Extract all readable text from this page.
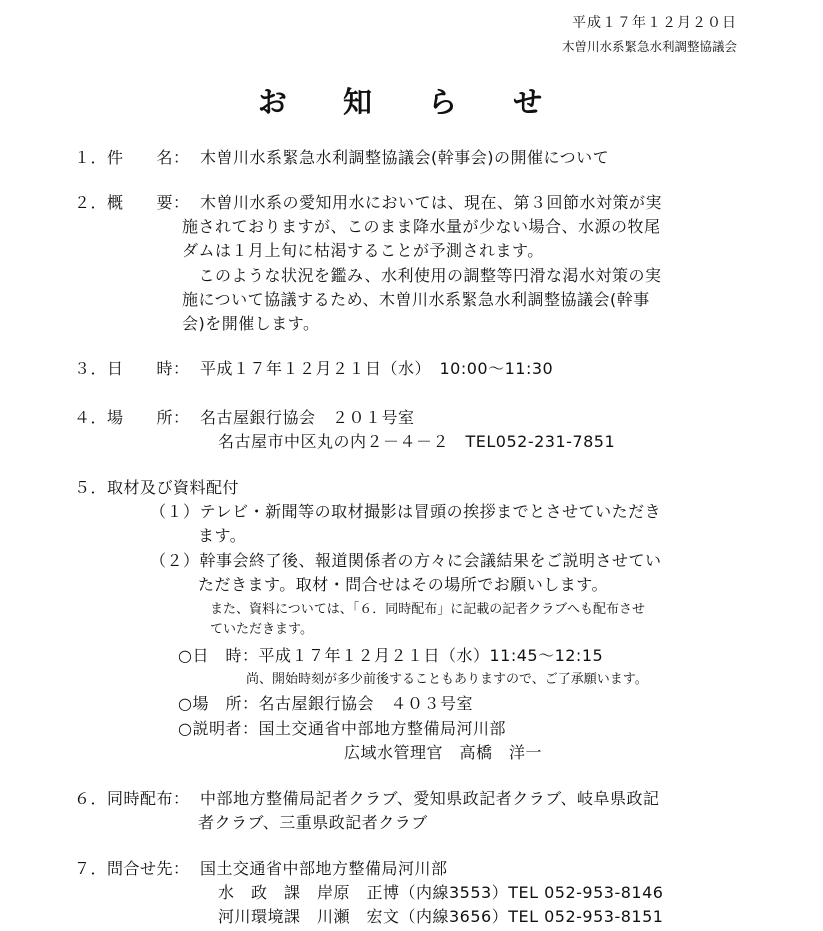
平成１７年１２月２０日
木曽川水系緊急水利調整協議会
お 知 ら せ
１．件　　名： 木曽川水系緊急水利調整協議会(幹事会)の開催について
２．概　　要： 木曽川水系の愛知用水においては、現在、第３回節水対策が実
施されておりますが、このまま降水量が少ない場合、水源の牧尾
ダムは１月上旬に枯渇することが予測されます。
　このような状況を鑑み、水利使用の調整等円滑な渇水対策の実
施について協議するため、木曽川水系緊急水利調整協議会(幹事
会)を開催します。
３．日　　時： 平成１７年１２月２１日（水）　10:00～11:30
４．場　　所： 名古屋銀行協会　２０１号室
名古屋市中区丸の内２－４－２　TEL052-231-7851
５．取材及び資料配付
（１）テレビ・新聞等の取材撮影は冒頭の挨拶までとさせていただき
ます。
（２）幹事会終了後、報道関係者の方々に会議結果をご説明させてい
ただきます。取材・問合せはその場所でお願いします。
また、資料については、「６．同時配布」に記載の記者クラブへも配布させ
ていただきます。
○日　時：平成１７年１２月２１日（水）11:45～12:15
尚、開始時刻が多少前後することもありますので、ご了承願います。
○場　所：名古屋銀行協会　４０３号室
○説明者：国土交通省中部地方整備局河川部
広域水管理官　高橋　洋一
６．同時配布： 中部地方整備局記者クラブ、愛知県政記者クラブ、岐阜県政記
者クラブ、三重県政記者クラブ
７．問合せ先： 国土交通省中部地方整備局河川部
水　政　課　岸原　正博（内線3553）TEL 052-953-8146
河川環境課　川瀬　宏文（内線3656）TEL 052-953-8151
